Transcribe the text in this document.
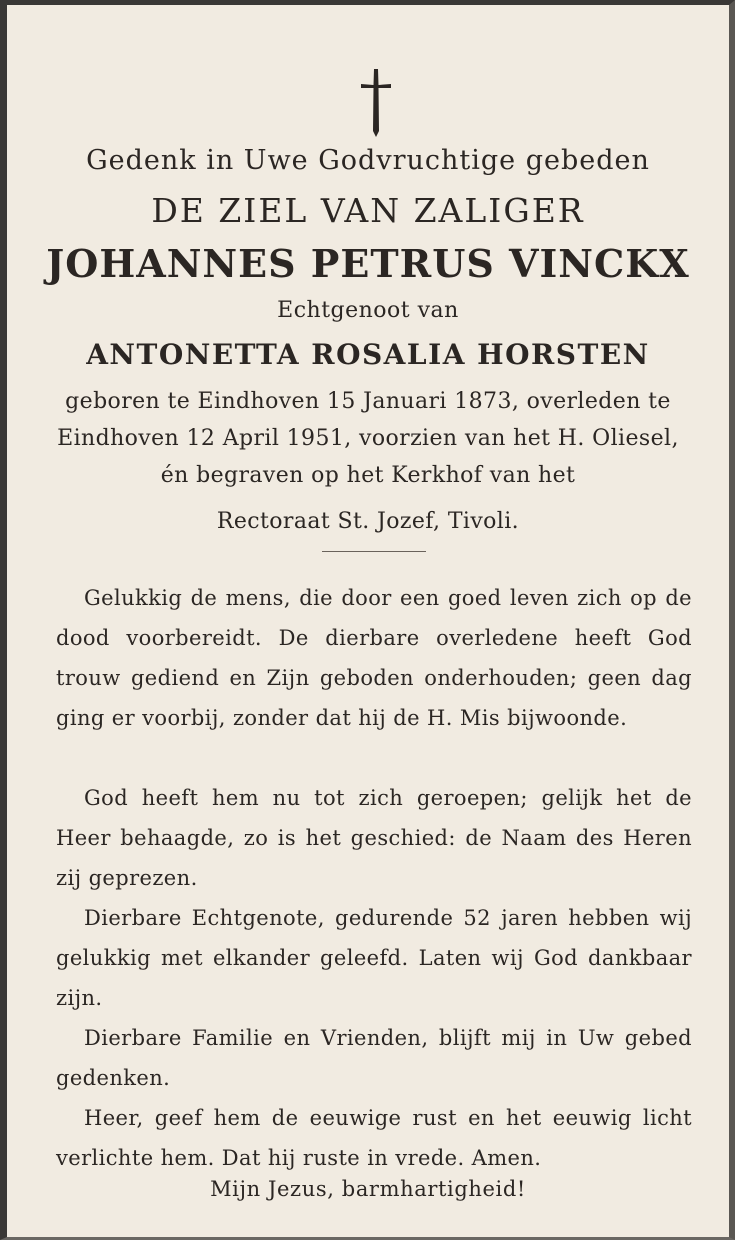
Gedenk in Uwe Godvruchtige gebeden
DE ZIEL VAN ZALIGER
JOHANNES PETRUS VINCKX
Echtgenoot van
ANTONETTA ROSALIA HORSTEN
geboren te Eindhoven 15 Januari 1873, overleden te
Eindhoven 12 April 1951, voorzien van het H. Oliesel,
én begraven op het Kerkhof van het
Rectoraat St. Jozef, Tivoli.

Gelukkig de mens, die door een goed leven zich op de dood voorbereidt. De dierbare overledene heeft God trouw gediend en Zijn geboden onderhouden; geen dag ging er voorbij, zonder dat hij de H. Mis bijwoonde.

God heeft hem nu tot zich geroepen; gelijk het de Heer behaagde, zo is het geschied: de Naam des Heren zij geprezen.

Dierbare Echtgenote, gedurende 52 jaren hebben wij gelukkig met elkander geleefd. Laten wij God dankbaar zijn.

Dierbare Familie en Vrienden, blijft mij in Uw gebed gedenken.

Heer, geef hem de eeuwige rust en het eeuwig licht verlichte hem. Dat hij ruste in vrede. Amen.

Mijn Jezus, barmhartigheid!
